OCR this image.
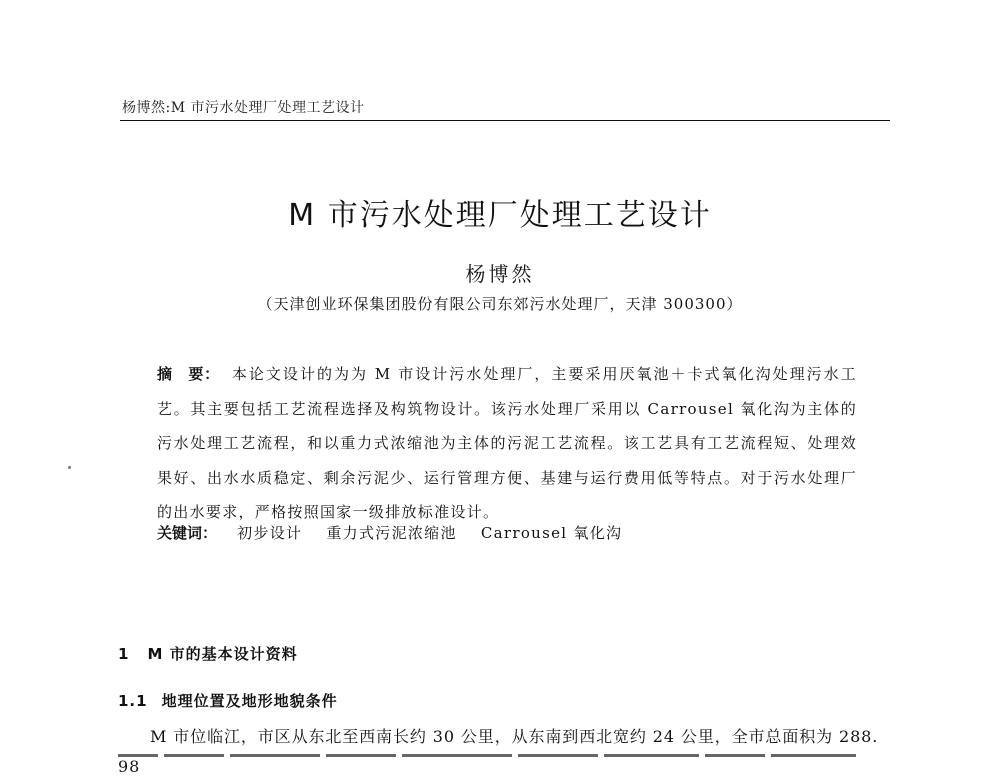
杨博然:M 市污水处理厂处理工艺设计
M 市污水处理厂处理工艺设计
杨博然
（天津创业环保集团股份有限公司东郊污水处理厂，天津 300300）
摘　要： 本论文设计的为为 M 市设计污水处理厂，主要采用厌氧池＋卡式氧化沟处理污水工艺。其主要包括工艺流程选择及构筑物设计。该污水处理厂采用以 Carrousel 氧化沟为主体的污水处理工艺流程，和以重力式浓缩池为主体的污泥工艺流程。该工艺具有工艺流程短、处理效果好、出水水质稳定、剩余污泥少、运行管理方便、基建与运行费用低等特点。对于污水处理厂的出水要求，严格按照国家一级排放标准设计。
关键词： 初步设计 重力式污泥浓缩池 Carrousel 氧化沟
1 M 市的基本设计资料
1.1 地理位置及地形地貌条件
M 市位临江，市区从东北至西南长约 30 公里，从东南到西北宽约 24 公里，全市总面积为 288. 98
